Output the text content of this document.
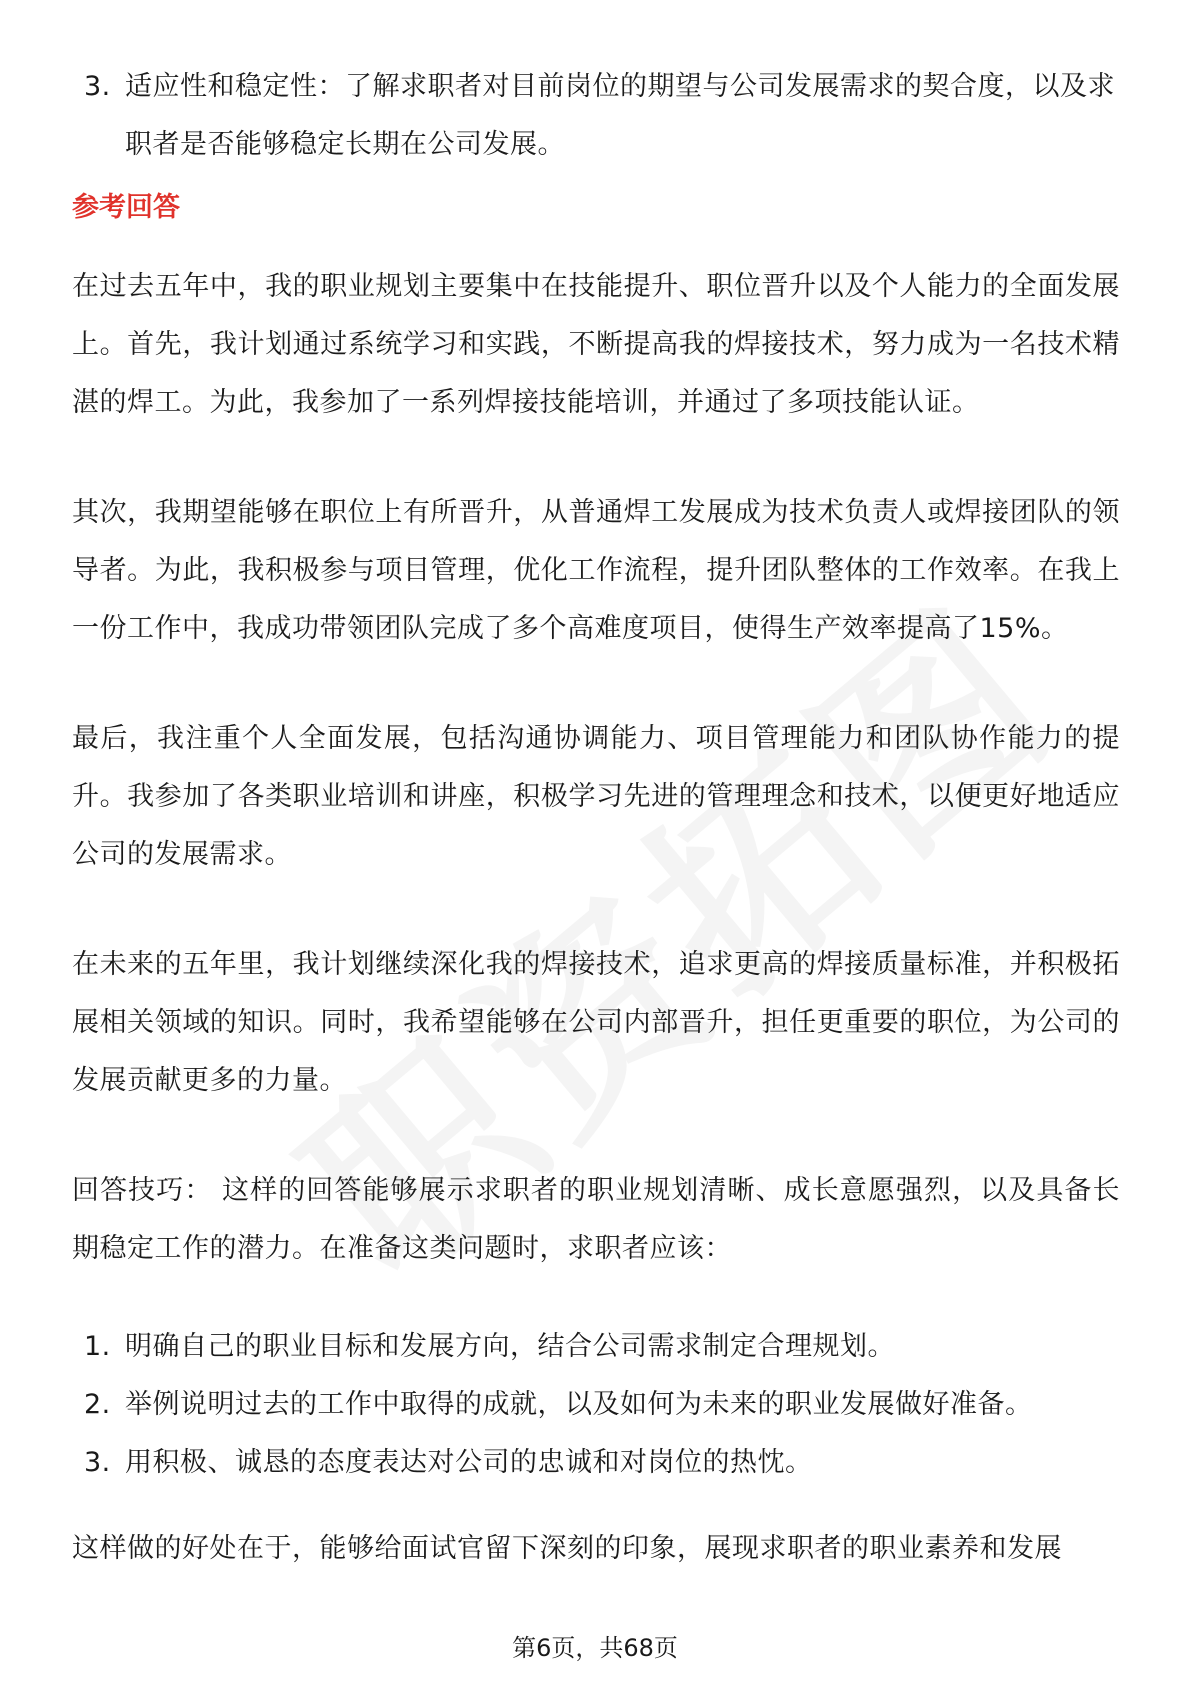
3. 适应性和稳定性：了解求职者对目前岗位的期望与公司发展需求的契合度，以及求职者是否能够稳定长期在公司发展。
参考回答

在过去五年中，我的职业规划主要集中在技能提升、职位晋升以及个人能力的全面发展上。首先，我计划通过系统学习和实践，不断提高我的焊接技术，努力成为一名技术精湛的焊工。为此，我参加了一系列焊接技能培训，并通过了多项技能认证。

其次，我期望能够在职位上有所晋升，从普通焊工发展成为技术负责人或焊接团队的领导者。为此，我积极参与项目管理，优化工作流程，提升团队整体的工作效率。在我上一份工作中，我成功带领团队完成了多个高难度项目，使得生产效率提高了15%。

最后，我注重个人全面发展，包括沟通协调能力、项目管理能力和团队协作能力的提升。我参加了各类职业培训和讲座，积极学习先进的管理理念和技术，以便更好地适应公司的发展需求。

在未来的五年里，我计划继续深化我的焊接技术，追求更高的焊接质量标准，并积极拓展相关领域的知识。同时，我希望能够在公司内部晋升，担任更重要的职位，为公司的发展贡献更多的力量。

回答技巧： 这样的回答能够展示求职者的职业规划清晰、成长意愿强烈，以及具备长期稳定工作的潜力。在准备这类问题时，求职者应该：

1. 明确自己的职业目标和发展方向，结合公司需求制定合理规划。
2. 举例说明过去的工作中取得的成就，以及如何为未来的职业发展做好准备。
3. 用积极、诚恳的态度表达对公司的忠诚和对岗位的热忱。

这样做的好处在于，能够给面试官留下深刻的印象，展现求职者的职业素养和发展

第6页，共68页
